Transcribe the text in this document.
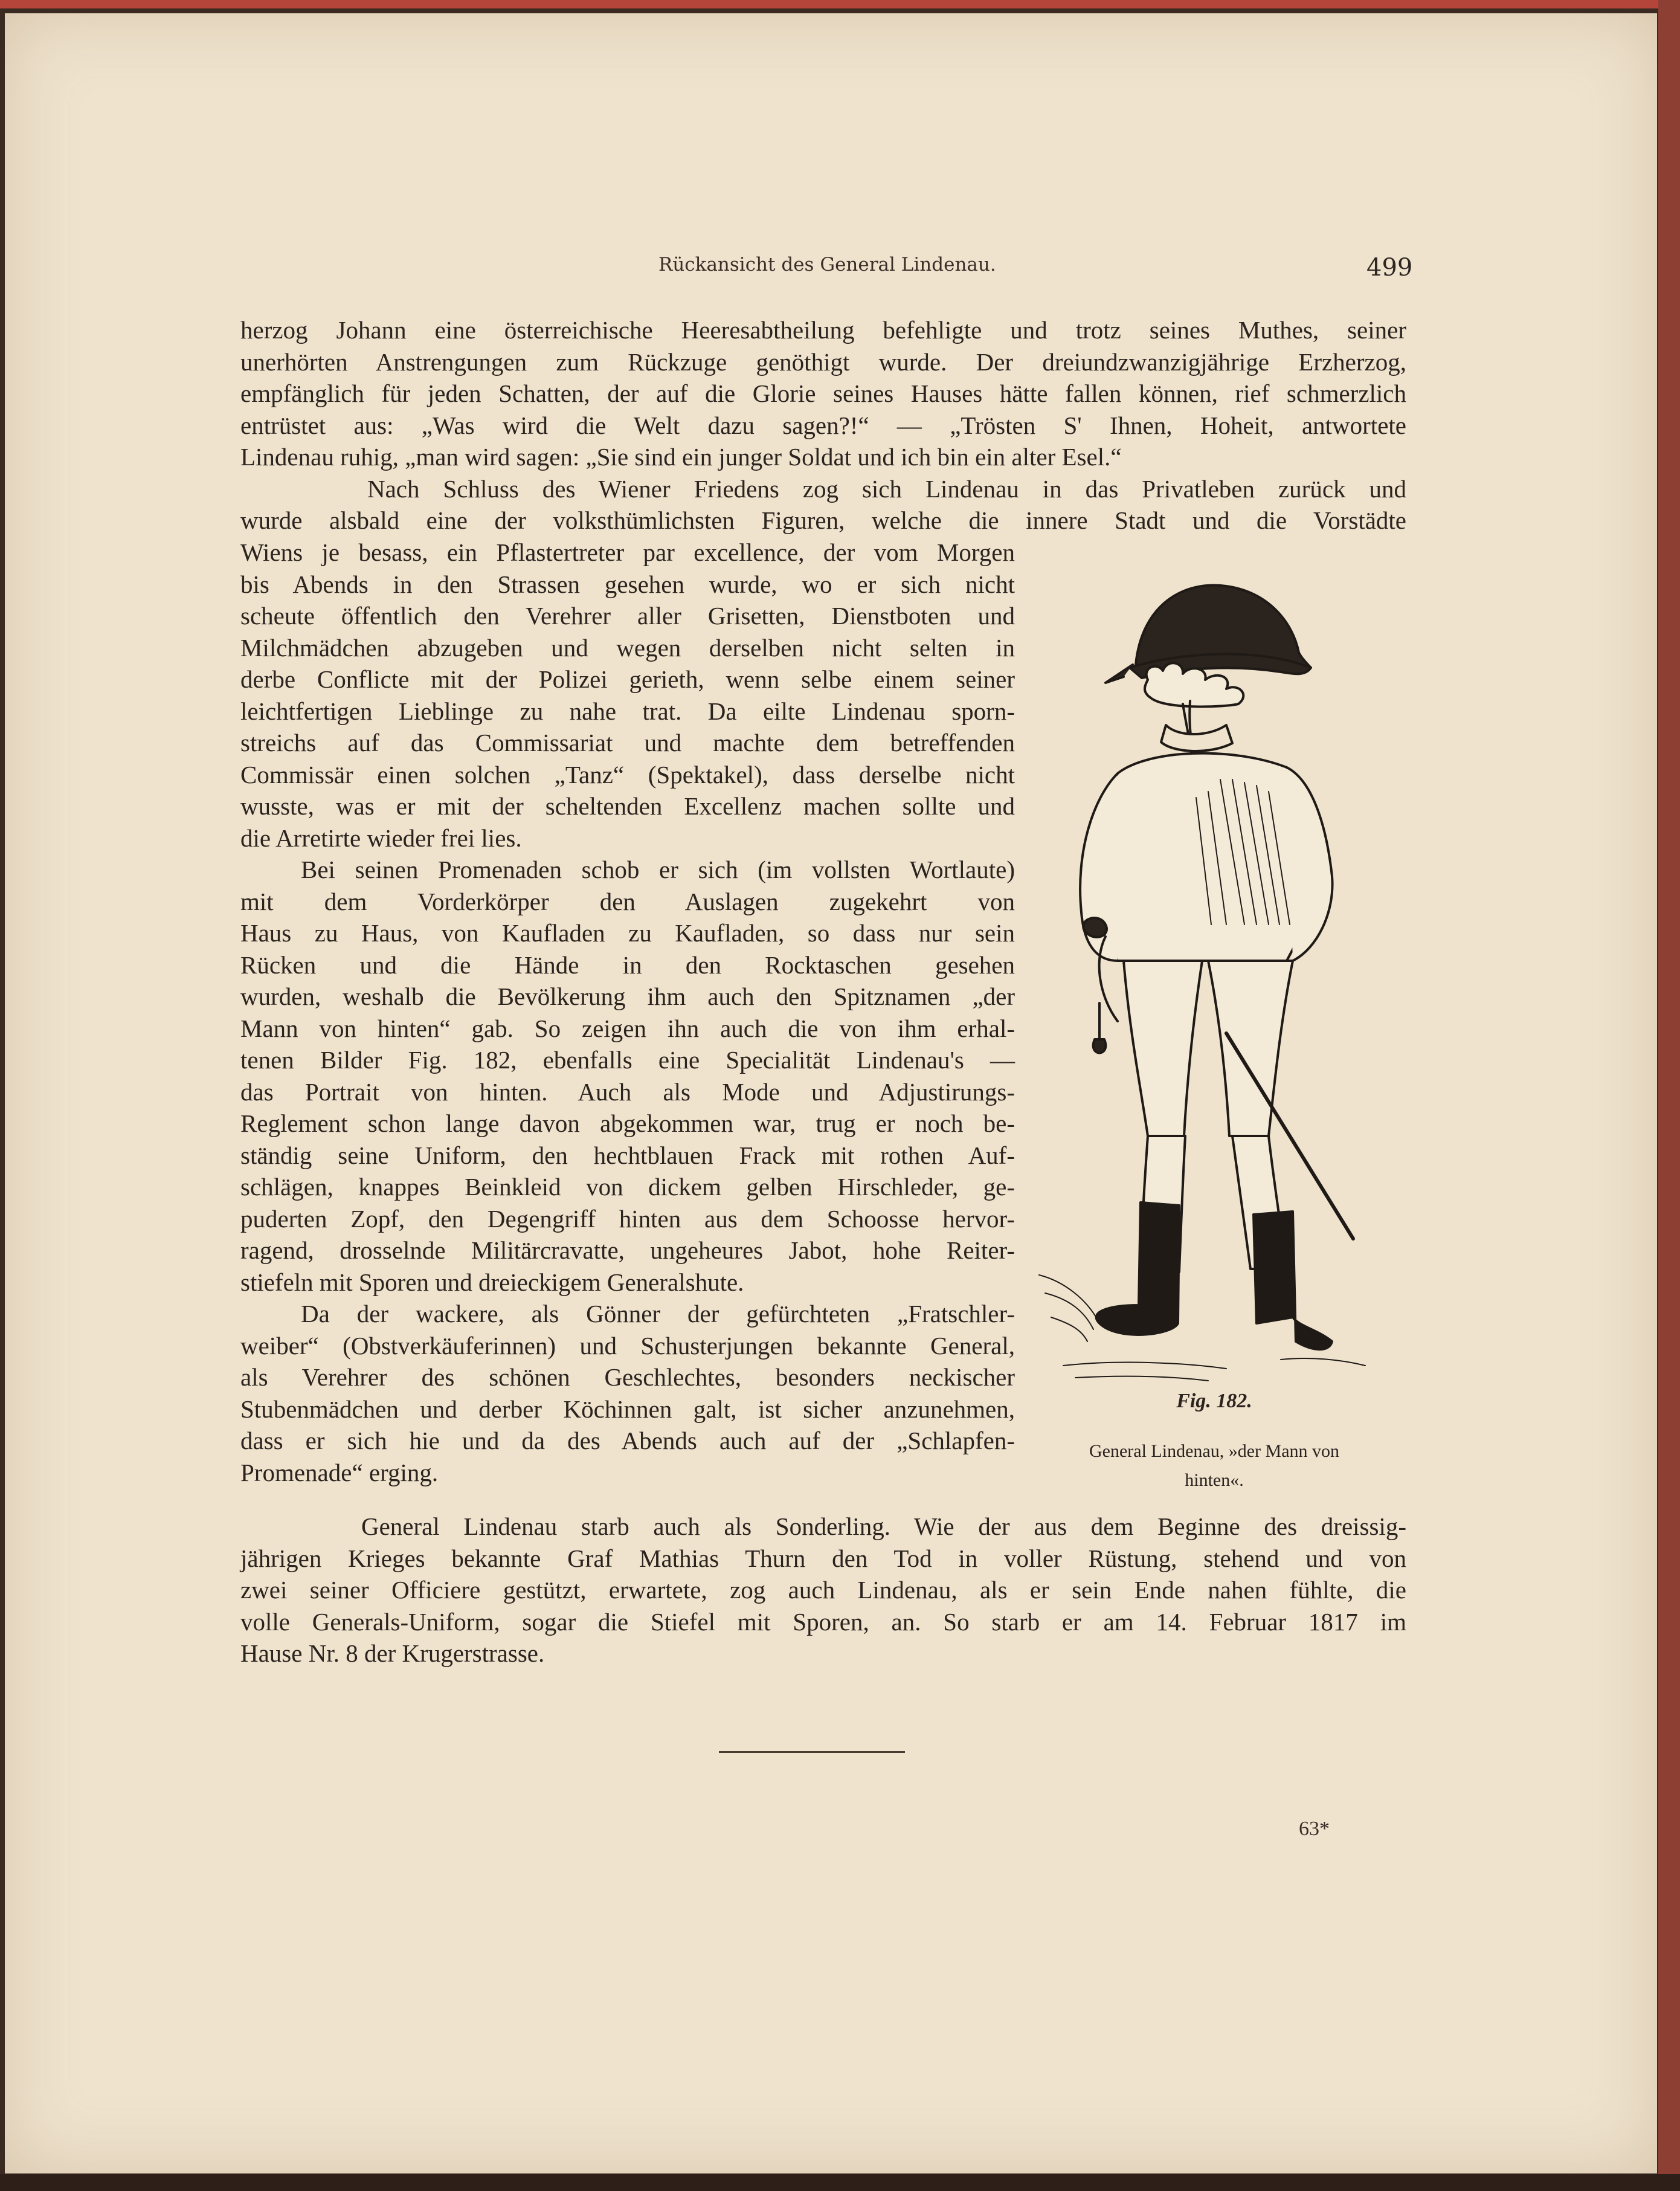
Rückansicht des General Lindenau.	499
herzog Johann eine österreichische Heeresabtheilung befehligte und trotz seines Muthes, seiner
unerhörten Anstrengungen zum Rückzuge genöthigt wurde. Der dreiundzwanzigjährige Erzherzog,
empfänglich für jeden Schatten, der auf die Glorie seines Hauses hätte fallen können, rief schmerzlich
entrüstet aus: „Was wird die Welt dazu sagen?!“ — „Trösten S' Ihnen, Hoheit, antwortete
Lindenau ruhig, „man wird sagen: „Sie sind ein junger Soldat und ich bin ein alter Esel.“
Nach Schluss des Wiener Friedens zog sich Lindenau in das Privatleben zurück und
wurde alsbald eine der volksthümlichsten Figuren, welche die innere Stadt und die Vorstädte
Wiens je besass, ein Pflastertreter par excellence, der vom Morgen
bis Abends in den Strassen gesehen wurde, wo er sich nicht
scheute öffentlich den Verehrer aller Grisetten, Dienstboten und
Milchmädchen abzugeben und wegen derselben nicht selten in
derbe Conflicte mit der Polizei gerieth, wenn selbe einem seiner
leichtfertigen Lieblinge zu nahe trat. Da eilte Lindenau sporn-
streichs auf das Commissariat und machte dem betreffenden
Commissär einen solchen „Tanz“ (Spektakel), dass derselbe nicht
wusste, was er mit der scheltenden Excellenz machen sollte und
die Arretirte wieder frei lies.
Bei seinen Promenaden schob er sich (im vollsten Wortlaute)
mit dem Vorderkörper den Auslagen zugekehrt von
Haus zu Haus, von Kaufladen zu Kaufladen, so dass nur sein
Rücken und die Hände in den Rocktaschen gesehen
wurden, weshalb die Bevölkerung ihm auch den Spitznamen „der
Mann von hinten“ gab. So zeigen ihn auch die von ihm erhal-
tenen Bilder Fig. 182, ebenfalls eine Specialität Lindenau's —
das Portrait von hinten. Auch als Mode und Adjustirungs-
Reglement schon lange davon abgekommen war, trug er noch be-
ständig seine Uniform, den hechtblauen Frack mit rothen Auf-
schlägen, knappes Beinkleid von dickem gelben Hirschleder, ge-
puderten Zopf, den Degengriff hinten aus dem Schoosse hervor-
ragend, drosselnde Militärcravatte, ungeheures Jabot, hohe Reiter-
stiefeln mit Sporen und dreieckigem Generalshute.
Da der wackere, als Gönner der gefürchteten „Fratschler-
weiber“ (Obstverkäuferinnen) und Schusterjungen bekannte General,
als Verehrer des schönen Geschlechtes, besonders neckischer
Stubenmädchen und derber Köchinnen galt, ist sicher anzunehmen,
dass er sich hie und da des Abends auch auf der „Schlapfen-
Promenade“ erging.
General Lindenau starb auch als Sonderling. Wie der aus dem Beginne des dreissig-
jährigen Krieges bekannte Graf Mathias Thurn den Tod in voller Rüstung, stehend und von
zwei seiner Officiere gestützt, erwartete, zog auch Lindenau, als er sein Ende nahen fühlte, die
volle Generals-Uniform, sogar die Stiefel mit Sporen, an. So starb er am 14. Februar 1817 im
Hause Nr. 8 der Krugerstrasse.
Fig. 182.
General Lindenau, »der Mann von
hinten«.
63*
